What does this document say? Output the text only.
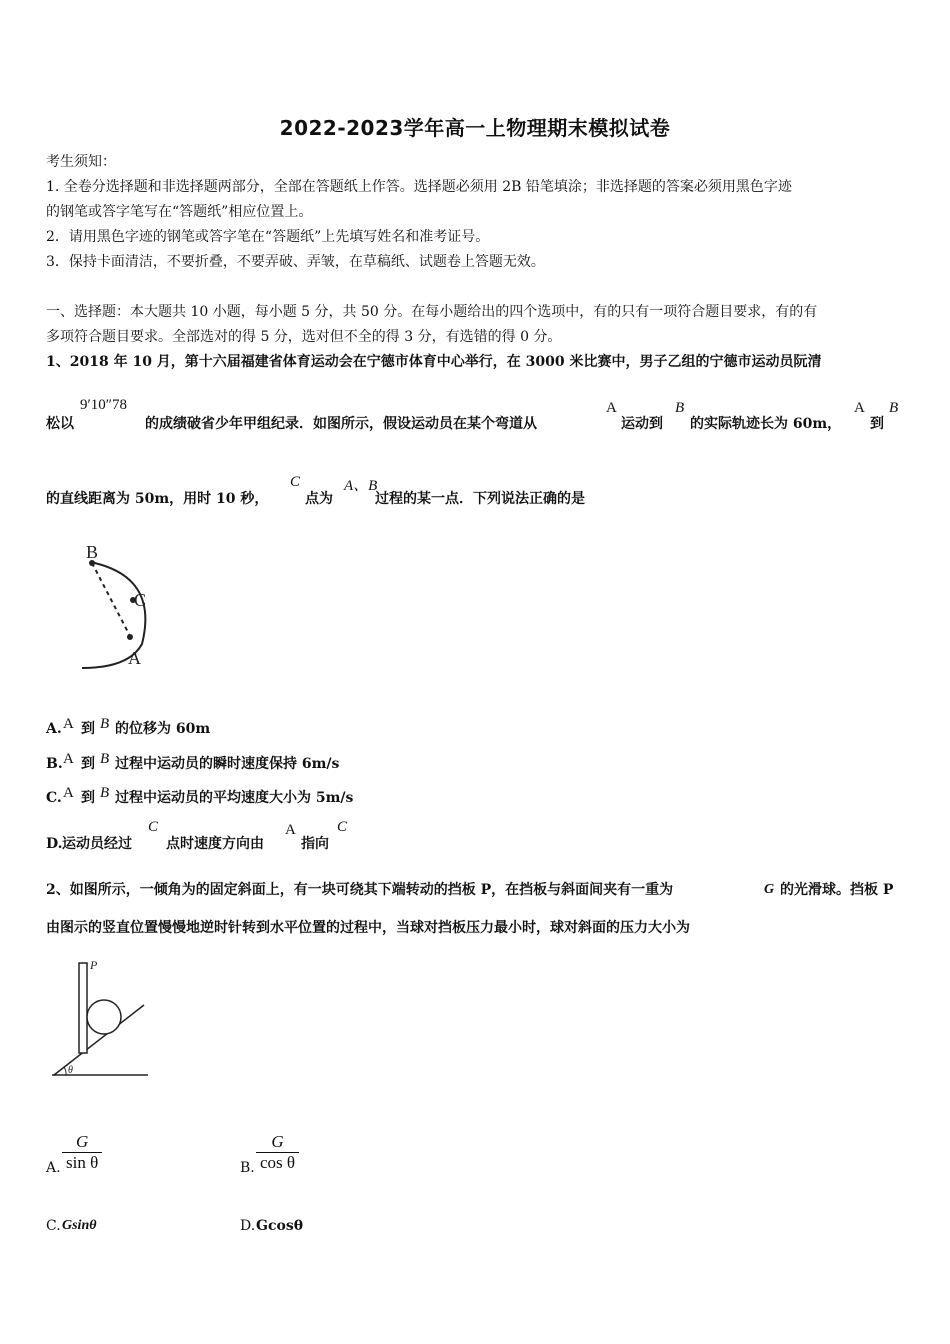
2022-2023学年高一上物理期末模拟试卷
考生须知：
1. 全卷分选择题和非选择题两部分，全部在答题纸上作答。选择题必须用 2B 铅笔填涂；非选择题的答案必须用黑色字迹
的钢笔或答字笔写在“答题纸”相应位置上。
2．请用黑色字迹的钢笔或答字笔在“答题纸”上先填写姓名和准考证号。
3．保持卡面清洁，不要折叠，不要弄破、弄皱，在草稿纸、试题卷上答题无效。
一、选择题：本大题共 10 小题，每小题 5 分，共 50 分。在每小题给出的四个选项中，有的只有一项符合题目要求，有的有
多项符合题目要求。全部选对的得 5 分，选对但不全的得 3 分，有选错的得 0 分。
1、2018 年 10 月，第十六届福建省体育运动会在宁德市体育中心举行，在 3000 米比赛中，男子乙组的宁德市运动员阮清
松以
9′10″78
的成绩破省少年甲组纪录．如图所示，假设运动员在某个弯道从
A
运动到
B
的实际轨迹长为 60m，
A
到
B
的直线距离为 50m，用时 10 秒，
C
点为
A、B
过程的某一点．下列说法正确的是
B
C
A
A. A 到 B 的位移为 60m
B. A 到 B 过程中运动员的瞬时速度保持 6m/s
C. A 到 B 过程中运动员的平均速度大小为 5m/s
D. 运动员经过
C
点时速度方向由
A
指向
C
2、如图所示，一倾角为的固定斜面上，有一块可绕其下端转动的挡板 P，在挡板与斜面间夹有一重为	G 的光滑球。挡板 P
由图示的竖直位置慢慢地逆时针转到水平位置的过程中，当球对挡板压力最小时，球对斜面的压力大小为
P
θ
A. $\frac{G}{\text{sin θ}}$	B. $\frac{G}{\text{cos θ}}$
C. Gsinθ	D. Gcosθ
